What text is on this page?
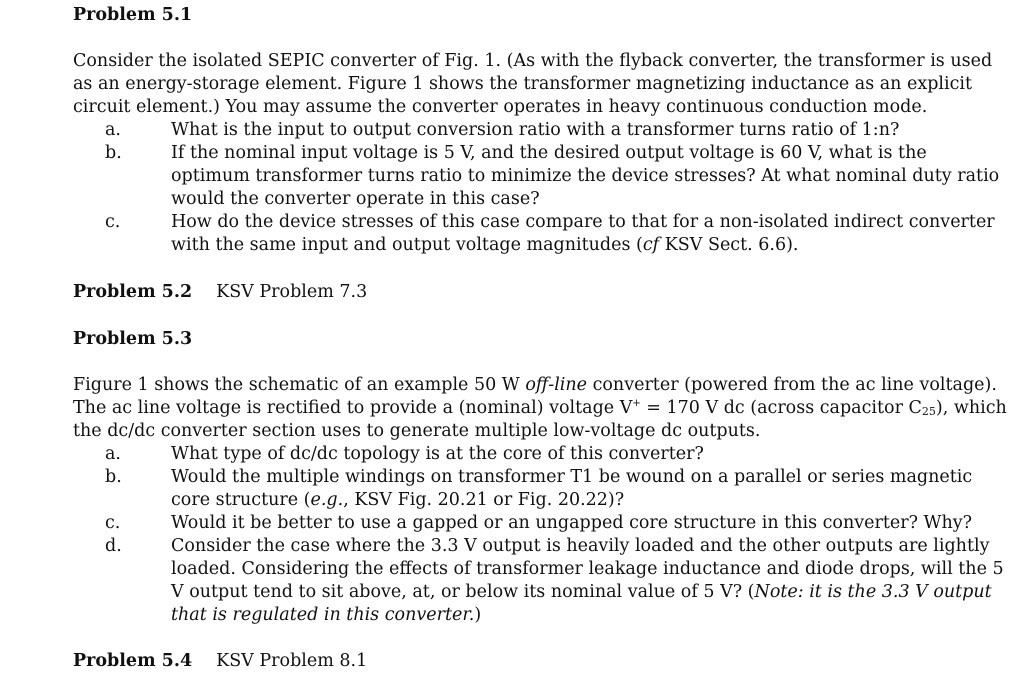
Problem 5.1
Consider the isolated SEPIC converter of Fig. 1. (As with the flyback converter, the transformer is used
as an energy-storage element. Figure 1 shows the transformer magnetizing inductance as an explicit
circuit element.) You may assume the converter operates in heavy continuous conduction mode.
a.	What is the input to output conversion ratio with a transformer turns ratio of 1:n?
b.	If the nominal input voltage is 5 V, and the desired output voltage is 60 V, what is the
optimum transformer turns ratio to minimize the device stresses? At what nominal duty ratio
would the converter operate in this case?
c.	How do the device stresses of this case compare to that for a non-isolated indirect converter
with the same input and output voltage magnitudes (cf KSV Sect. 6.6).
Problem 5.2 KSV Problem 7.3
Problem 5.3
Figure 1 shows the schematic of an example 50 W off-line converter (powered from the ac line voltage).
The ac line voltage is rectified to provide a (nominal) voltage V+ = 170 V dc (across capacitor $C_{25}$), which
the dc/dc converter section uses to generate multiple low-voltage dc outputs.
a.	What type of dc/dc topology is at the core of this converter?
b.	Would the multiple windings on transformer T1 be wound on a parallel or series magnetic
core structure (e.g., KSV Fig. 20.21 or Fig. 20.22)?
c.	Would it be better to use a gapped or an ungapped core structure in this converter? Why?
d.	Consider the case where the 3.3 V output is heavily loaded and the other outputs are lightly
loaded. Considering the effects of transformer leakage inductance and diode drops, will the 5
V output tend to sit above, at, or below its nominal value of 5 V? (Note: it is the 3.3 V output
that is regulated in this converter.)
Problem 5.4 KSV Problem 8.1
